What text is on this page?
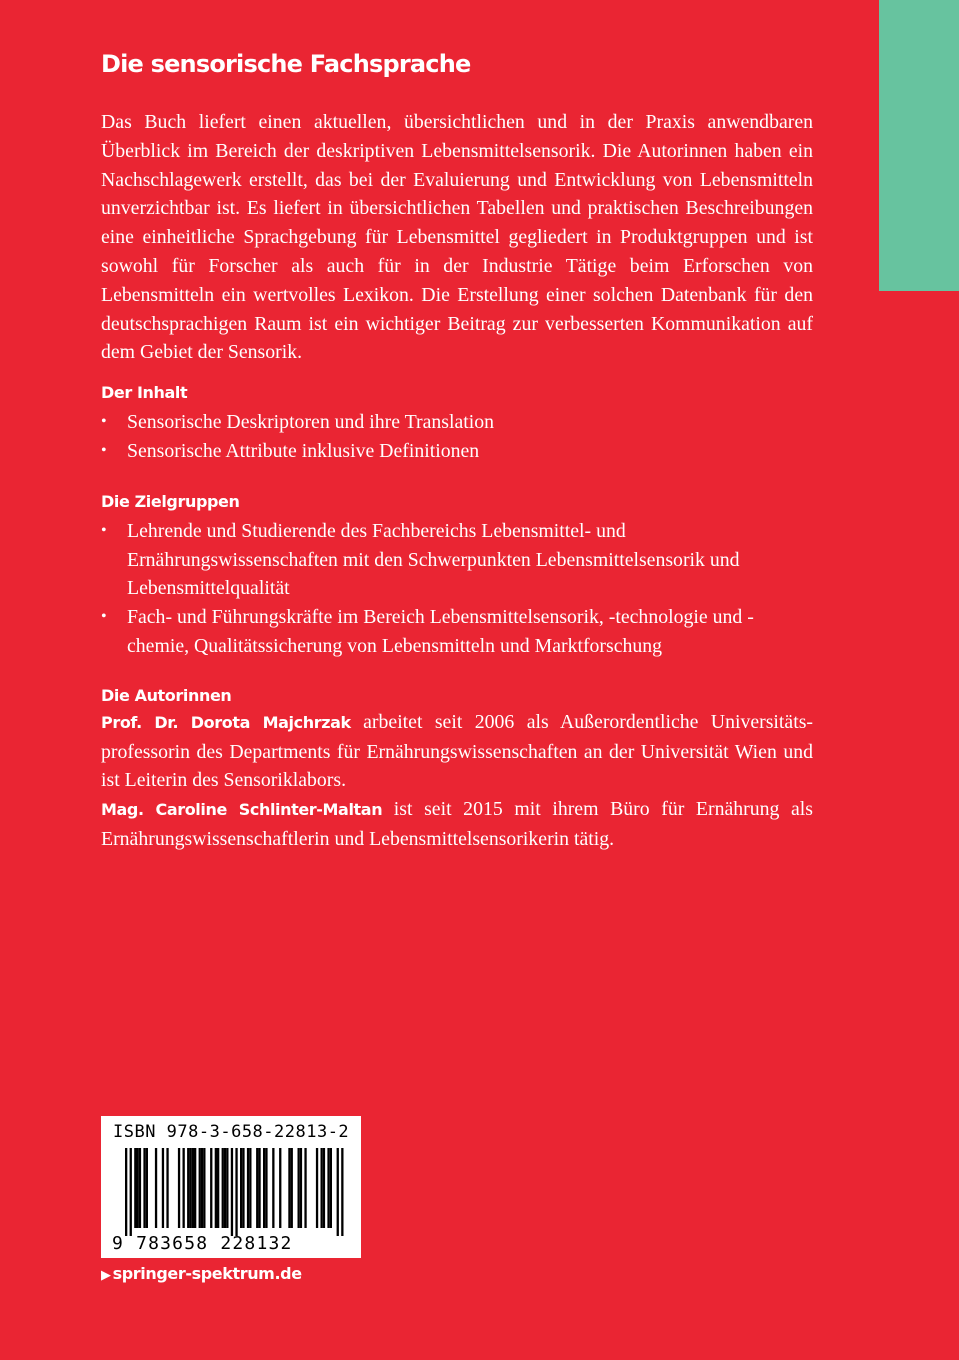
Die sensorische Fachsprache

Das Buch liefert einen aktuellen, übersichtlichen und in der Praxis anwendbaren Überblick im Bereich der deskriptiven Lebensmittelsensorik. Die Autorinnen haben ein Nachschlagewerk erstellt, das bei der Evaluierung und Entwicklung von Lebensmitteln unverzichtbar ist. Es liefert in übersichtlichen Tabellen und praktischen Beschreibungen eine einheitliche Sprachgebung für Lebensmittel gegliedert in Produktgruppen und ist sowohl für Forscher als auch für in der Industrie Tätige beim Erforschen von Lebensmitteln ein wertvolles Lexikon. Die Erstellung einer solchen Datenbank für den deutschsprachigen Raum ist ein wichtiger Beitrag zur verbesserten Kommunikation auf dem Gebiet der Sensorik.

Der Inhalt
• Sensorische Deskriptoren und ihre Translation
• Sensorische Attribute inklusive Definitionen
Die Zielgruppen
• Lehrende und Studierende des Fachbereichs Lebensmittel- und Ernährungswissenschaften mit den Schwerpunkten Lebensmittelsensorik und Lebensmittelqualität
• Fach- und Führungskräfte im Bereich Lebensmittelsensorik, -technologie und -chemie, Qualitätssicherung von Lebensmitteln und Marktforschung
Die Autorinnen

Prof. Dr. Dorota Majchrzak arbeitet seit 2006 als Außerordentliche Universitätsprofessorin des Departments für Ernährungswissenschaften an der Universität Wien und ist Leiterin des Sensoriklabors.

Mag. Caroline Schlinter-Maltan ist seit 2015 mit ihrem Büro für Ernährung als Ernährungswissenschaftlerin und Lebensmittelsensorikerin tätig.

ISBN 978-3-658-22813-2
9 783658 228132
▶ springer-spektrum.de
